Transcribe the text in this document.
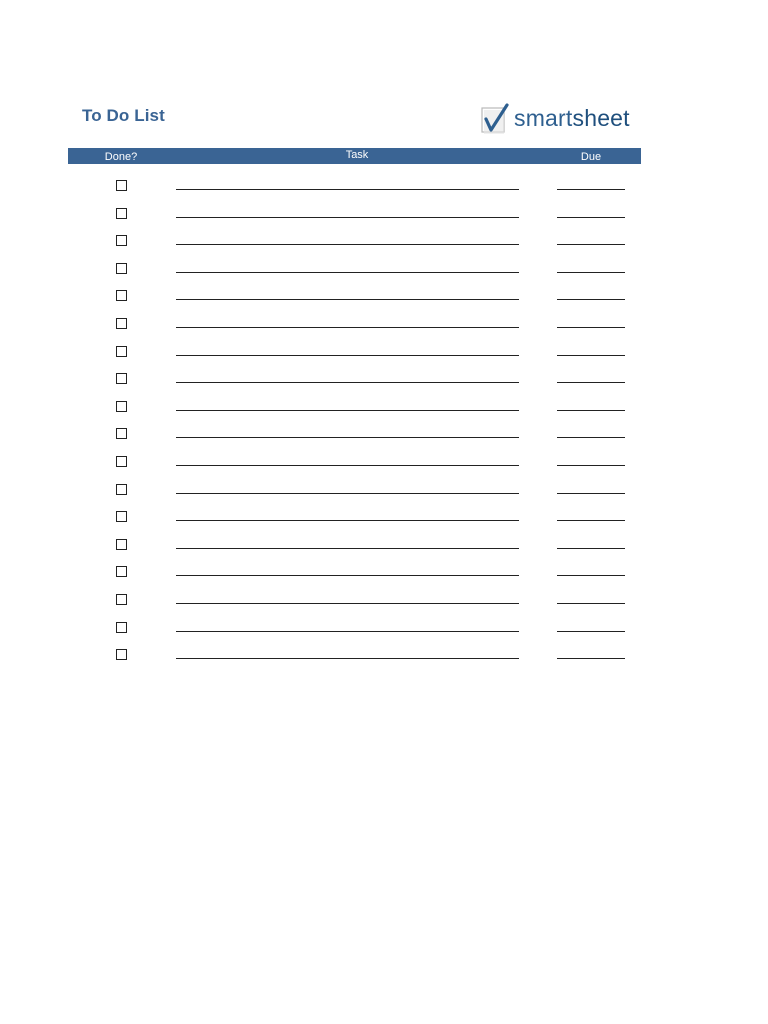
To Do List	smartsheet
Done?	Task	Due
